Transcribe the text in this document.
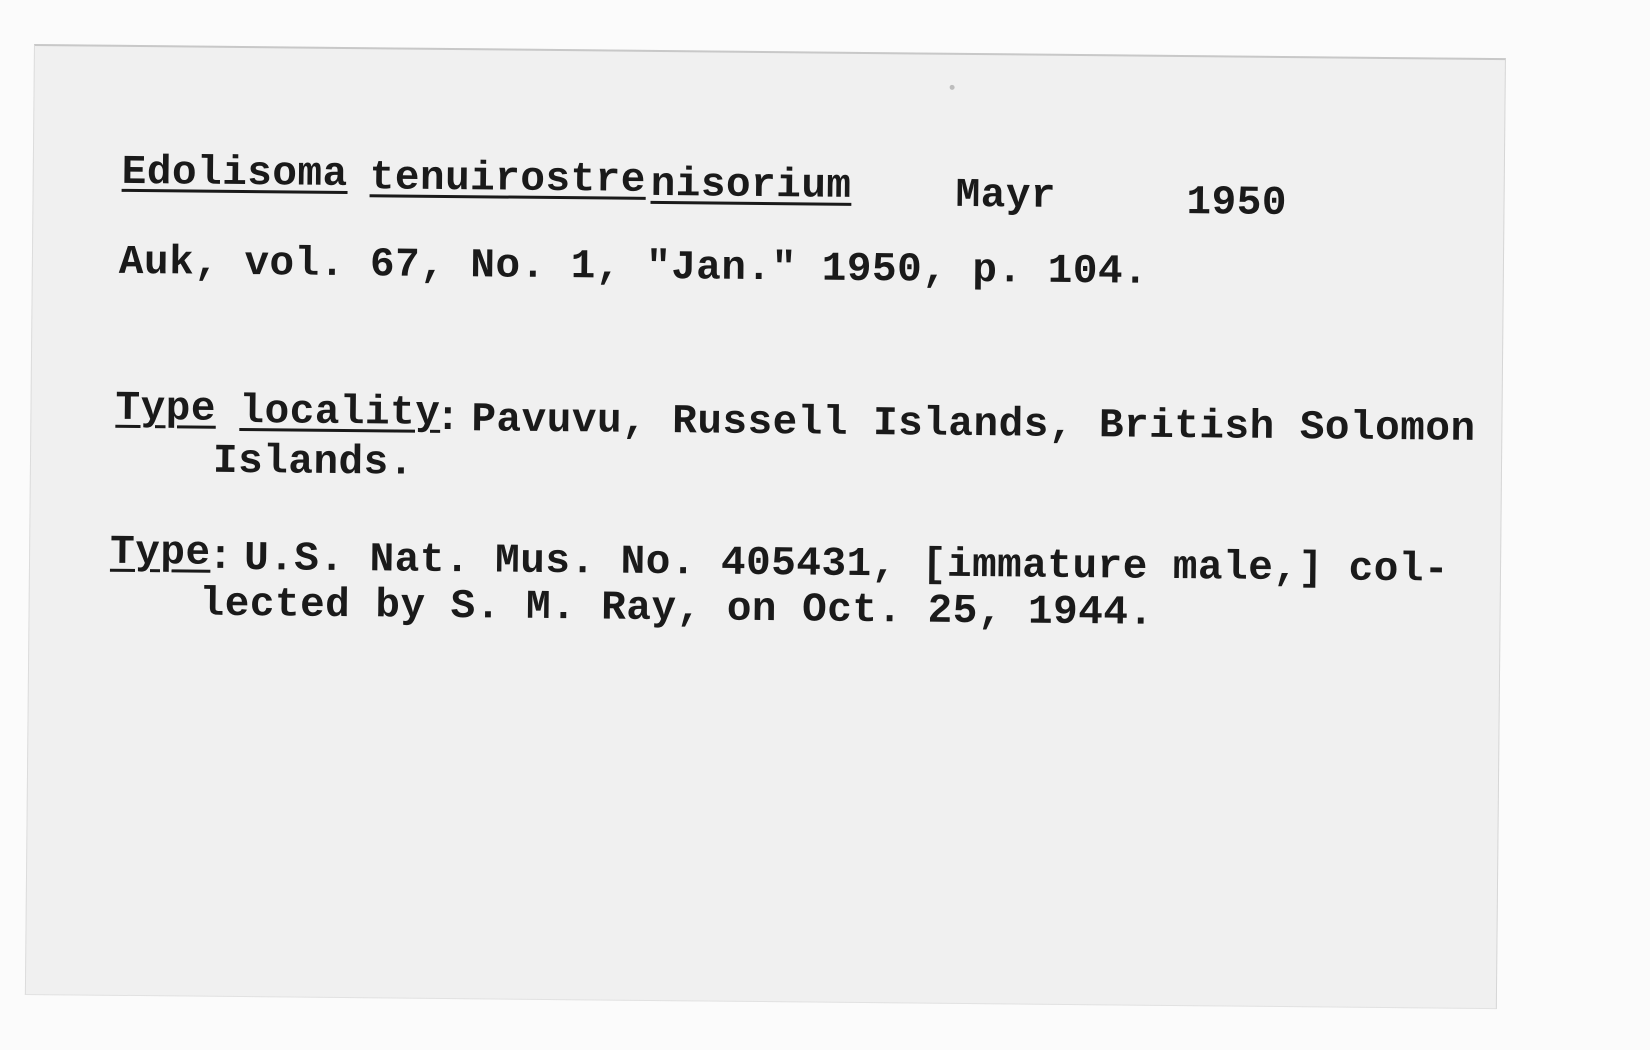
Edolisoma tenuirostre nisorium	Mayr	1950
Auk, vol. 67, No. 1, "Jan." 1950, p. 104.
Type locality
: Pavuvu, Russell Islands, British Solomon
Islands.
Type
: U.S. Nat. Mus. No. 405431, [immature male,] col-
lected by S. M. Ray, on Oct. 25, 1944.
